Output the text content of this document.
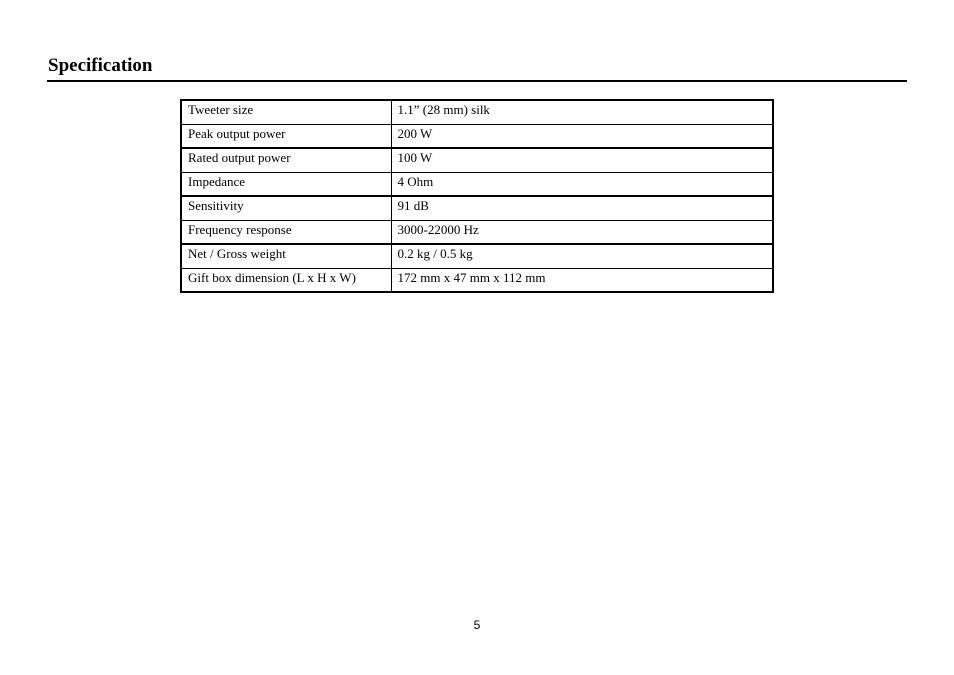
Specification
Tweeter size	1.1” (28 mm) silk
Peak output power	200 W
Rated output power	100 W
Impedance	4 Ohm
Sensitivity	91 dB
Frequency response	3000-22000 Hz
Net / Gross weight	0.2 kg / 0.5 kg
Gift box dimension (L x H x W)	172 mm x 47 mm x 112 mm
5
